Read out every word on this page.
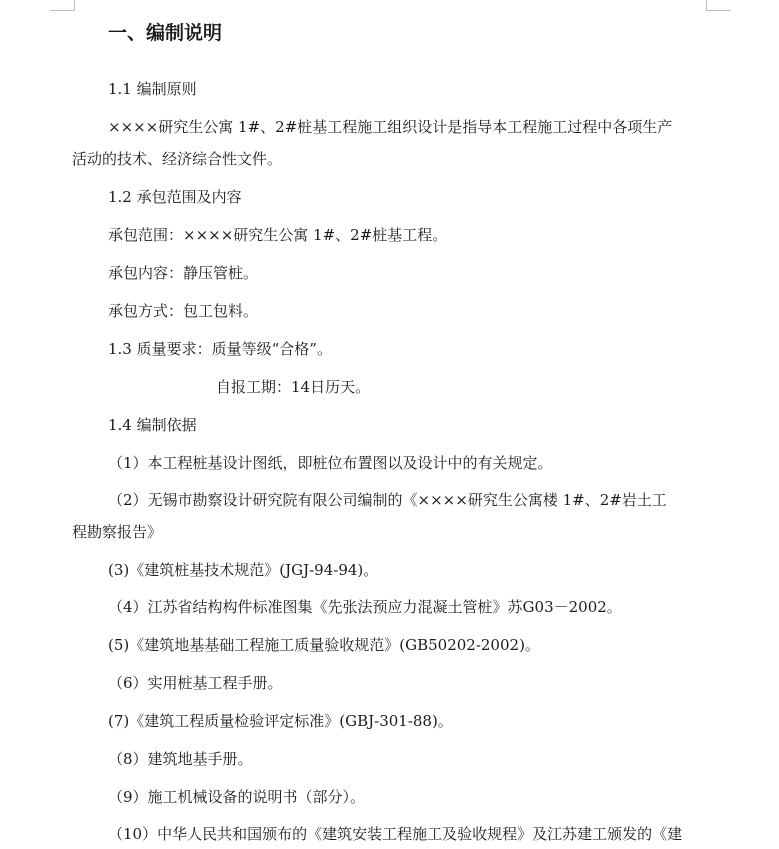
一、编制说明
1.1 编制原则
××××研究生公寓 1#、2#桩基工程施工组织设计是指导本工程施工过程中各项生产
活动的技术、经济综合性文件。
1.2 承包范围及内容
承包范围：××××研究生公寓 1#、2#桩基工程。
承包内容：静压管桩。
承包方式：包工包料。
1.3 质量要求：质量等级“合格”。
自报工期：14日历天。
1.4 编制依据
（1）本工程桩基设计图纸，即桩位布置图以及设计中的有关规定。
（2）无锡市勘察设计研究院有限公司编制的《××××研究生公寓楼 1#、2#岩土工
程勘察报告》
(3)《建筑桩基技术规范》(JGJ-94-94)。
（4）江苏省结构构件标准图集《先张法预应力混凝土管桩》苏G03－2002。
(5)《建筑地基基础工程施工质量验收规范》(GB50202-2002)。
（6）实用桩基工程手册。
(7)《建筑工程质量检验评定标准》(GBJ-301-88)。
（8）建筑地基手册。
（9）施工机械设备的说明书（部分）。
（10）中华人民共和国颁布的《建筑安装工程施工及验收规程》及江苏建工颁发的《建
